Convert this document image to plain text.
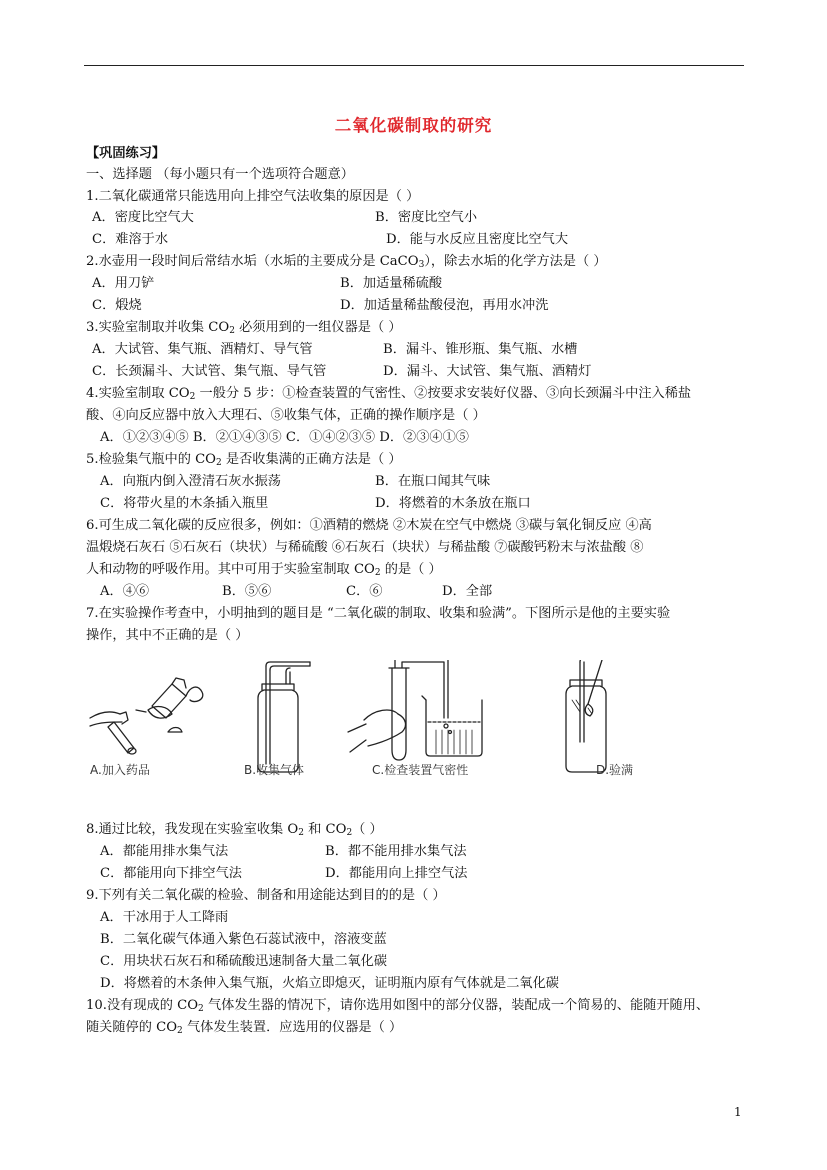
二氧化碳制取的研究
【巩固练习】
一、选择题 （每小题只有一个选项符合题意）
1.二氧化碳通常只能选用向上排空气法收集的原因是（ ）
A．密度比空气大	B．密度比空气小
C．难溶于水	D．能与水反应且密度比空气大
2.水壶用一段时间后常结水垢（水垢的主要成分是 CaCO$_3$），除去水垢的化学方法是（ ）
A．用刀铲	B．加适量稀硫酸
C．煅烧	D．加适量稀盐酸侵泡，再用水冲洗
3.实验室制取并收集 $CO_2$ 必须用到的一组仪器是（ ）
A．大试管、集气瓶、酒精灯、导气管	B．漏斗、锥形瓶、集气瓶、水槽
C．长颈漏斗、大试管、集气瓶、导气管	D．漏斗、大试管、集气瓶、酒精灯
4.实验室制取 $CO_2$ 一般分 5 步：①检查装置的气密性、②按要求安装好仪器、③向长颈漏斗中注入稀盐
酸、④向反应器中放入大理石、⑤收集气体，正确的操作顺序是（ ）
A．①②③④⑤ B．②①④③⑤ C．①④②③⑤ D．②③④①⑤
5.检验集气瓶中的 $CO_2$ 是否收集满的正确方法是（ ）
A．向瓶内倒入澄清石灰水振荡	B．在瓶口闻其气味
C．将带火星的木条插入瓶里	D．将燃着的木条放在瓶口
6.可生成二氧化碳的反应很多，例如：①酒精的燃烧 ②木炭在空气中燃烧 ③碳与氧化铜反应 ④高
温煅烧石灰石 ⑤石灰石（块状）与稀硫酸 ⑥石灰石（块状）与稀盐酸 ⑦碳酸钙粉末与浓盐酸 ⑧
人和动物的呼吸作用。其中可用于实验室制取 $CO_2$ 的是（ ）
A．④⑥	B．⑤⑥	C．⑥	D．全部
7.在实验操作考查中，小明抽到的题目是 “二氧化碳的制取、收集和验满”。下图所示是他的主要实验
操作，其中不正确的是（ ）
A.加入药品	B.收集气体	C.检查装置气密性	D.验满
8.通过比较，我发现在实验室收集 $O_2$ 和 $CO_2$（ ）
A．都能用排水集气法	B．都不能用排水集气法
C．都能用向下排空气法	D．都能用向上排空气法
9.下列有关二氧化碳的检验、制备和用途能达到目的的是（ ）
A．干冰用于人工降雨
B．二氧化碳气体通入紫色石蕊试液中，溶液变蓝
C．用块状石灰石和稀硫酸迅速制备大量二氧化碳
D．将燃着的木条伸入集气瓶，火焰立即熄灭，证明瓶内原有气体就是二氧化碳
10.没有现成的 $CO_2$ 气体发生器的情况下，请你选用如图中的部分仪器，装配成一个简易的、能随开随用、
随关随停的 $CO_2$ 气体发生装置．应选用的仪器是（ ）
1
